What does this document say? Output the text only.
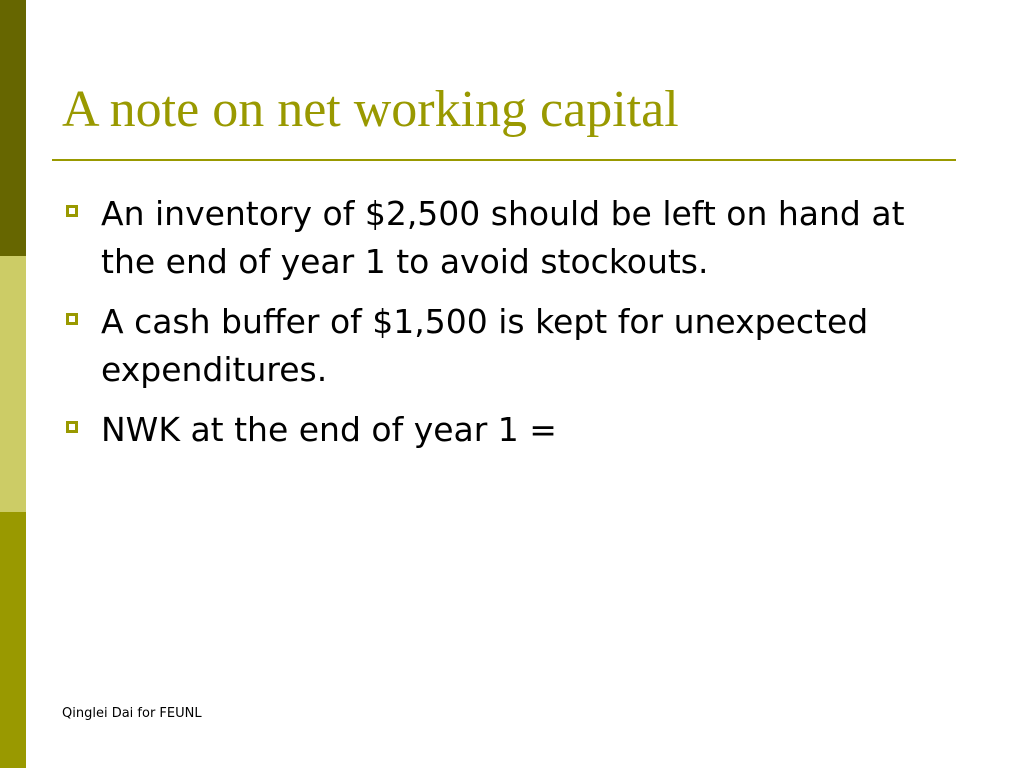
A note on net working capital
An inventory of $2,500 should be left on hand at the end of year 1 to avoid stockouts.
A cash buffer of $1,500 is kept for unexpected expenditures.
NWK at the end of year 1 =
Qinglei Dai for FEUNL
